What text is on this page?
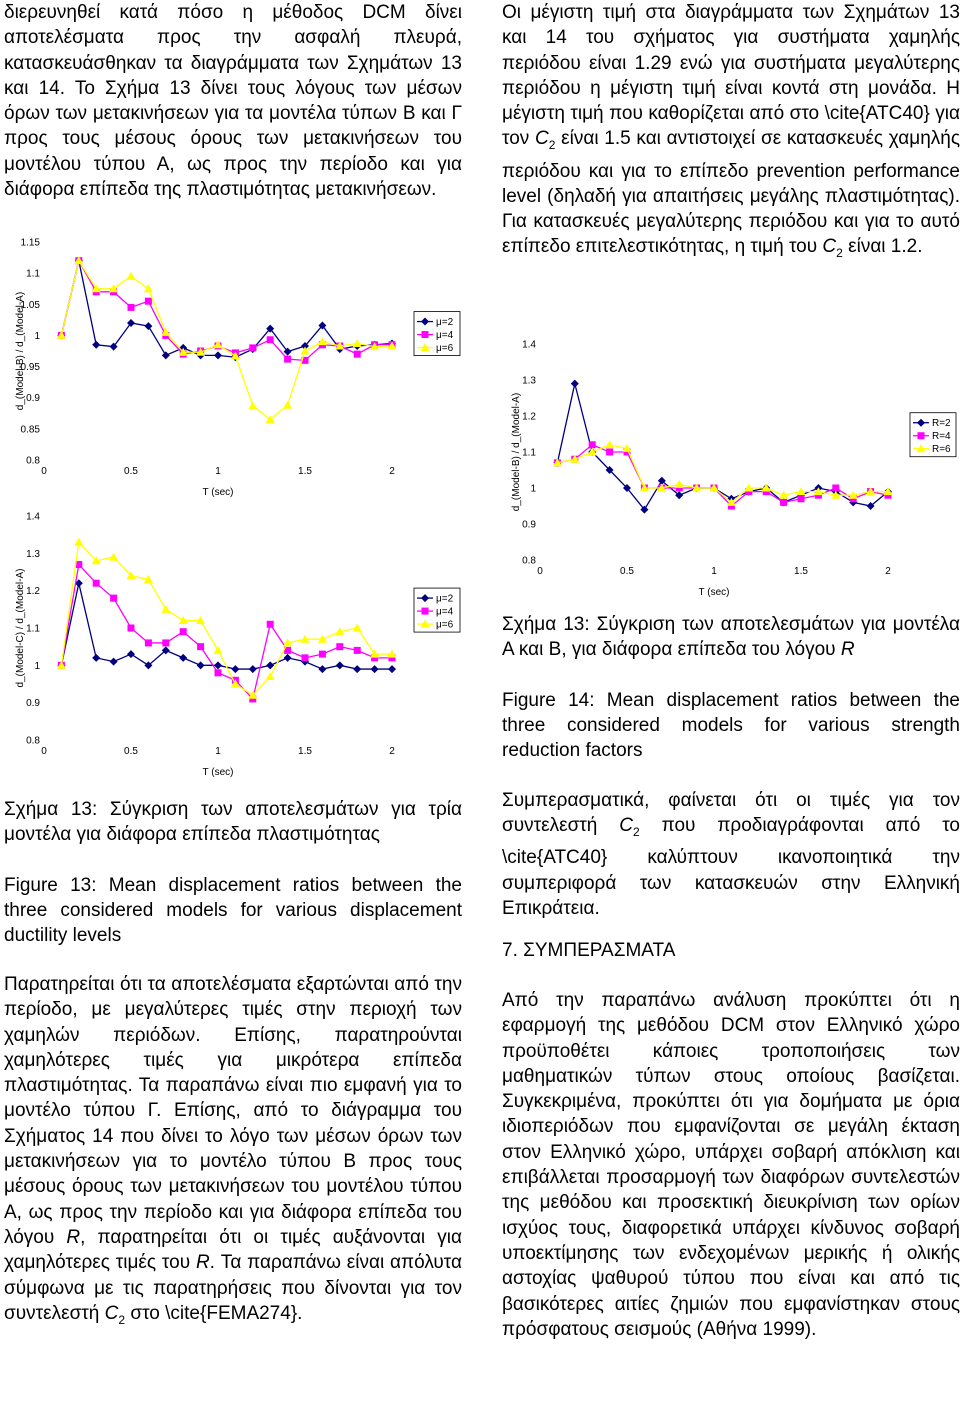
διερευνηθεί κατά πόσο η μέθοδος DCM δίνει αποτελέσματα προς την ασφαλή πλευρά, κατασκευάσθηκαν τα διαγράμματα των Σχημάτων 13 και 14. Το Σχήμα 13 δίνει τους λόγους των μέσων όρων των μετακινήσεων για τα μοντέλα τύπων Β και Γ προς τους μέσους όρους των μετακινήσεων του μοντέλου τύπου Α, ως προς την περίοδο και για διάφορα επίπεδα της πλαστιμότητας μετακινήσεων.

Σχήμα 13: Σύγκριση των αποτελεσμάτων για τρία μοντέλα για διάφορα επίπεδα πλαστιμότητας

Figure 13: Mean displacement ratios between the three considered models for various displacement ductility levels

Παρατηρείται ότι τα αποτελέσματα εξαρτώνται από την περίοδο, με μεγαλύτερες τιμές στην περιοχή των χαμηλών περιόδων. Επίσης, παρατηρούνται χαμηλότερες τιμές για μικρότερα επίπεδα πλαστιμότητας. Τα παραπάνω είναι πιο εμφανή για το μοντέλο τύπου Γ. Επίσης, από το διάγραμμα του Σχήματος 14 που δίνει το λόγο των μέσων όρων των μετακινήσεων για το μοντέλο τύπου Β προς τους μέσους όρους των μετακινήσεων του μοντέλου τύπου Α, ως προς την περίοδο και για διάφορα επίπεδα του λόγου R, παρατηρείται ότι οι τιμές αυξάνονται για χαμηλότερες τιμές του R. Τα παραπάνω είναι απόλυτα σύμφωνα με τις παρατηρήσεις που δίνονται για τον συντελεστή $C_2$ στο \cite{FEMA274}.

Οι μέγιστη τιμή στα διαγράμματα των Σχημάτων 13 και 14 του σχήματος για συστήματα χαμηλής περιόδου είναι 1.29 ενώ για συστήματα μεγαλύτερης περιόδου η μέγιστη τιμή είναι κοντά στη μονάδα. Η μέγιστη τιμή που καθορίζεται από στο \cite{ATC40} για τον $C_2$ είναι 1.5 και αντιστοιχεί σε κατασκευές χαμηλής περιόδου και για το επίπεδο prevention performance level (δηλαδή για απαιτήσεις μεγάλης πλαστιμότητας). Για κατασκευές μεγαλύτερης περιόδου και για το αυτό επίπεδο επιτελεστικότητας, η τιμή του $C_2$ είναι 1.2.

Σχήμα 13: Σύγκριση των αποτελεσμάτων για μοντέλα Α και Β, για διάφορα επίπεδα του λόγου R

Figure 14: Mean displacement ratios between the three considered models for various strength reduction factors

Συμπερασματικά, φαίνεται ότι οι τιμές για τον συντελεστή $C_2$ που προδιαγράφονται από το \cite{ATC40} καλύπτουν ικανοποιητικά την συμπεριφορά των κατασκευών στην Ελληνική Επικράτεια.

7. ΣΥΜΠΕΡΑΣΜΑΤΑ

Από την παραπάνω ανάλυση προκύπτει ότι η εφαρμογή της μεθόδου DCM στον Ελληνικό χώρο προϋποθέτει κάποιες τροποποιήσεις των μαθηματικών τύπων στους οποίους βασίζεται. Συγκεκριμένα, προκύπτει ότι για δομήματα με όρια ιδιοπεριόδων που εμφανίζονται σε μεγάλη έκταση στον Ελληνικό χώρο, υπάρχει σοβαρή απόκλιση και επιβάλλεται προσαρμογή των διαφόρων συντελεστών της μεθόδου και προσεκτική διευκρίνιση των ορίων ισχύος τους, διαφορετικά υπάρχει κίνδυνος σοβαρή υποεκτίμησης των ενδεχομένων μερικής ή ολικής αστοχίας ψαθυρού τύπου που είναι και από τις βασικότερες αιτίες ζημιών που εμφανίστηκαν στους πρόσφατους σεισμούς (Αθήνα 1999).

1.15
1.1
1.05
1
0.95
0.9
0.85
0.8
0	0.5	1	1.5	2
T (sec)
d_(Model-B) / d_(Model-A)	μ=2
μ=4
μ=6
1.4
1.3
1.2
1.1
1
0.9
0.8
0	0.5	1	1.5	2
T (sec)
d_(Model-C) / d_(Model-A)	μ=2
μ=4
μ=6
1.4
1.3
1.2
1.1
1
0.9
0.8
0	0.5	1	1.5	2
T (sec)
d_(Model-B) / d_(Model-A)	R=2
R=4
R=6
